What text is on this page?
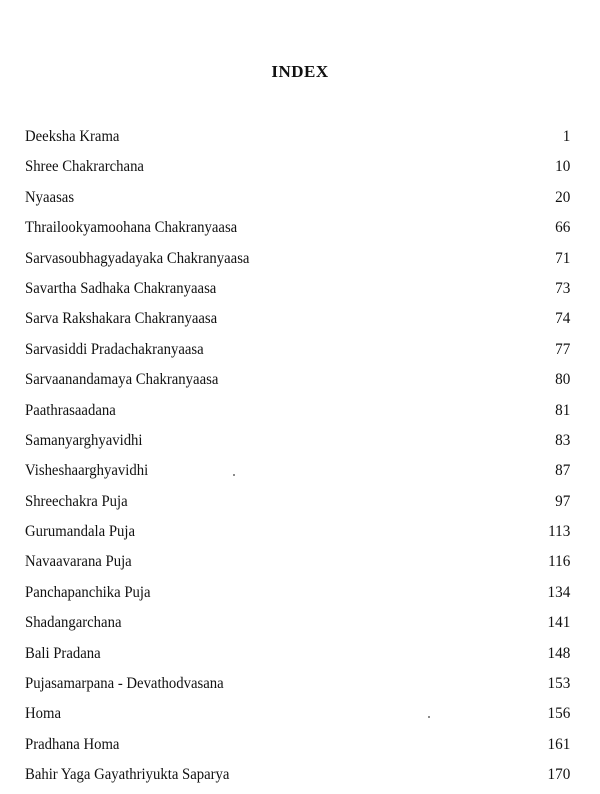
INDEX
Deeksha Krama	1
Shree Chakrarchana	10
Nyaasas	20
Thrailookyamoohana Chakranyaasa	66
Sarvasoubhagyadayaka Chakranyaasa	71
Savartha Sadhaka Chakranyaasa	73
Sarva Rakshakara Chakranyaasa	74
Sarvasiddi Pradachakranyaasa	77
Sarvaanandamaya Chakranyaasa	80
Paathrasaadana	81
Samanyarghyavidhi	83
Visheshaarghyavidhi	87
Shreechakra Puja	97
Gurumandala Puja	113
Navaavarana Puja	116
Panchapanchika Puja	134
Shadangarchana	141
Bali Pradana	148
Pujasamarpana - Devathodvasana	153
Homa	156
Pradhana Homa	161
Bahir Yaga Gayathriyukta Saparya	170
